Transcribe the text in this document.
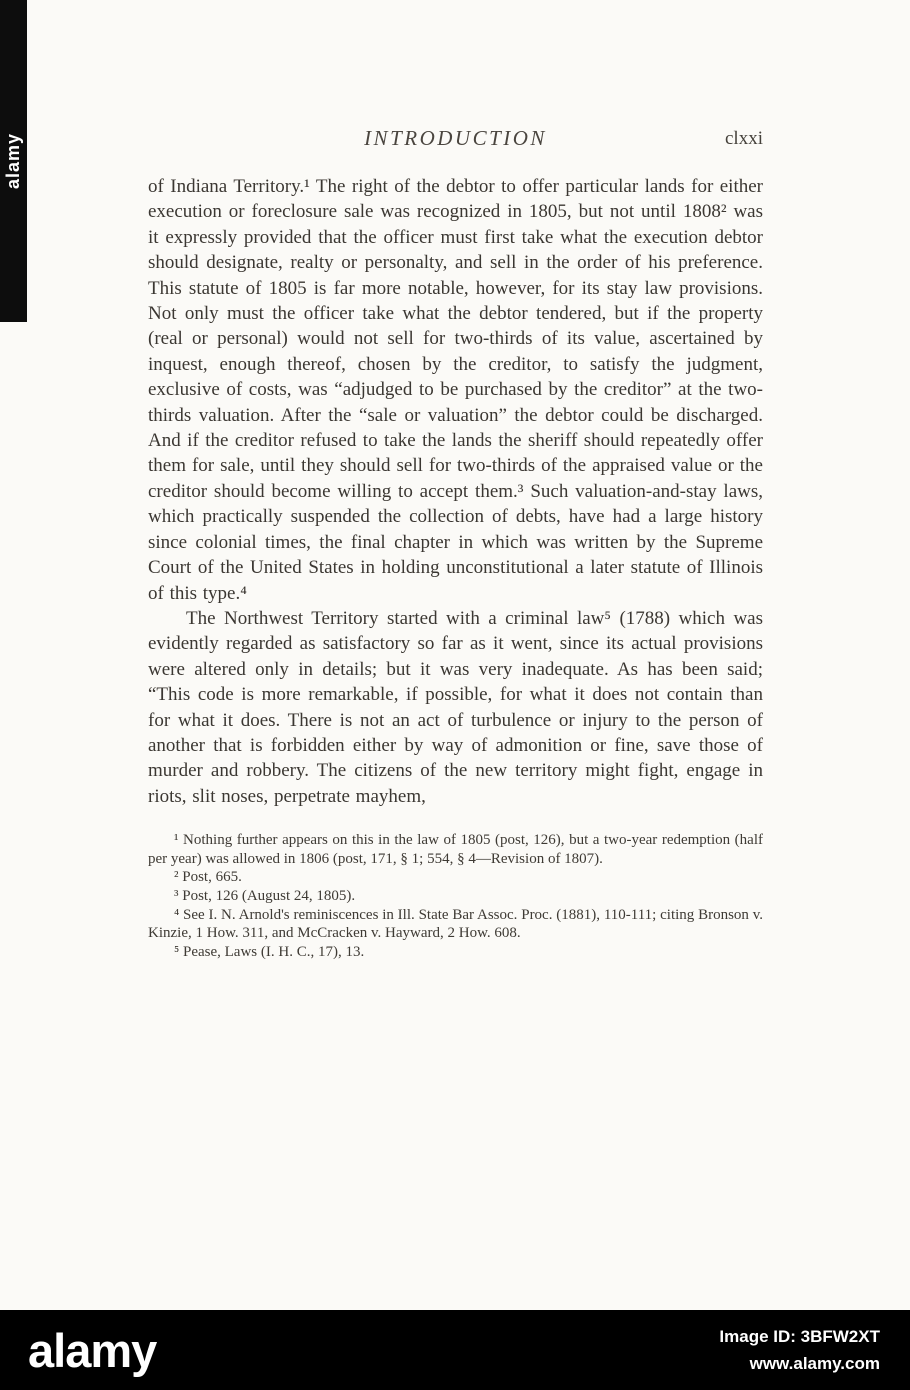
alamy	INTRODUCTION	clxxi

of Indiana Territory.¹ The right of the debtor to offer particular lands for either execution or foreclosure sale was recognized in 1805, but not until 1808² was it expressly provided that the officer must first take what the execution debtor should designate, realty or personalty, and sell in the order of his preference. This statute of 1805 is far more notable, however, for its stay law provisions. Not only must the officer take what the debtor tendered, but if the property (real or personal) would not sell for two-thirds of its value, ascertained by inquest, enough thereof, chosen by the creditor, to satisfy the judgment, exclusive of costs, was “adjudged to be purchased by the creditor” at the two-thirds valuation. After the “sale or valuation” the debtor could be discharged. And if the creditor refused to take the lands the sheriff should repeatedly offer them for sale, until they should sell for two-thirds of the appraised value or the creditor should become willing to accept them.³ Such valuation-and-stay laws, which practically suspended the collection of debts, have had a large history since colonial times, the final chapter in which was written by the Supreme Court of the United States in holding unconstitutional a later statute of Illinois of this type.⁴

The Northwest Territory started with a criminal law⁵ (1788) which was evidently regarded as satisfactory so far as it went, since its actual provisions were altered only in details; but it was very inadequate. As has been said; “This code is more remarkable, if possible, for what it does not contain than for what it does. There is not an act of turbulence or injury to the person of another that is forbidden either by way of admonition or fine, save those of murder and robbery. The citizens of the new territory might fight, engage in riots, slit noses, perpetrate mayhem,

¹ Nothing further appears on this in the law of 1805 (post, 126), but a two-year redemption (half per year) was allowed in 1806 (post, 171, § 1; 554, § 4—Revision of 1807).

² Post, 665.

³ Post, 126 (August 24, 1805).

⁴ See I. N. Arnold's reminiscences in Ill. State Bar Assoc. Proc. (1881), 110-111; citing Bronson v. Kinzie, 1 How. 311, and McCracken v. Hayward, 2 How. 608.

⁵ Pease, Laws (I. H. C., 17), 13.

alamy	Image ID: 3BFW2XT
www.alamy.com
